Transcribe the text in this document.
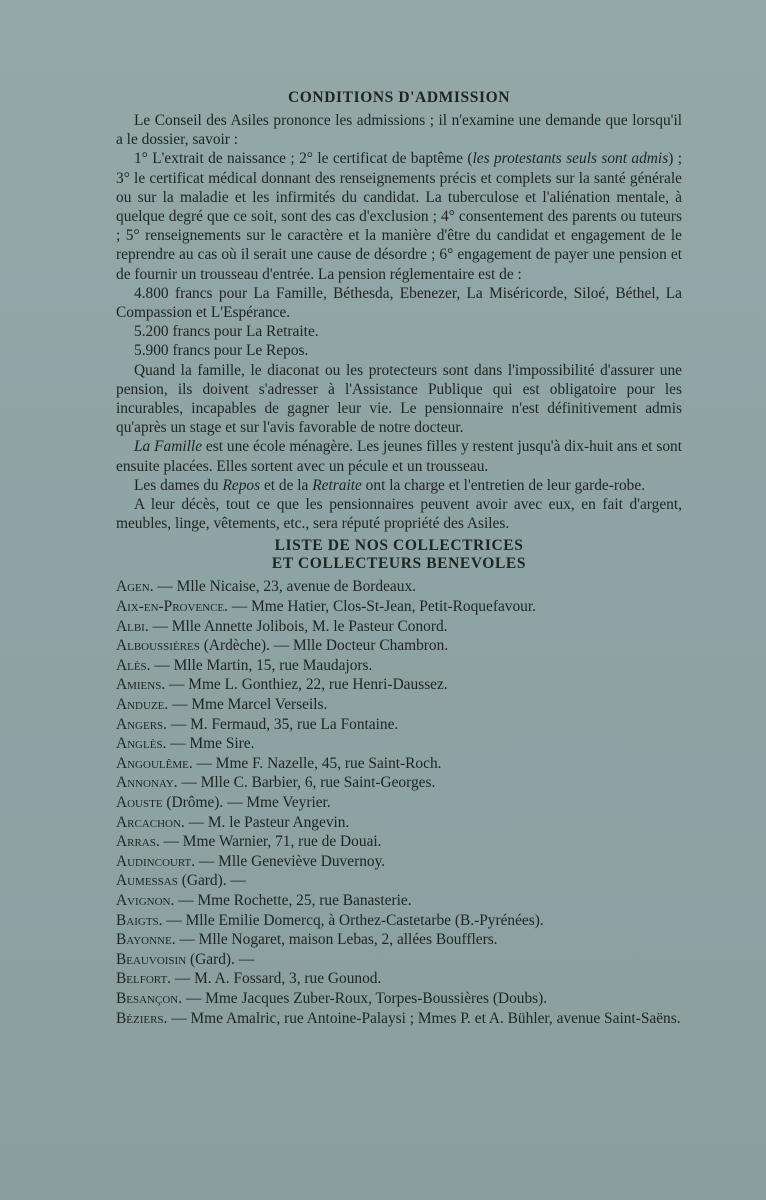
CONDITIONS D'ADMISSION

Le Conseil des Asiles prononce les admissions ; il n'examine une demande que lorsqu'il a le dossier, savoir :

1° L'extrait de naissance ; 2° le certificat de baptême (les protestants seuls sont admis) ; 3° le certificat médical donnant des renseignements précis et complets sur la santé générale ou sur la maladie et les infirmités du candidat. La tuberculose et l'aliénation mentale, à quelque degré que ce soit, sont des cas d'exclusion ; 4° consentement des parents ou tuteurs ; 5° renseignements sur le caractère et la manière d'être du candidat et engagement de le reprendre au cas où il serait une cause de désordre ; 6° engagement de payer une pension et de fournir un trousseau d'entrée. La pension réglementaire est de :

4.800 francs pour La Famille, Béthesda, Ebenezer, La Miséricorde, Siloé, Béthel, La Compassion et L'Espérance.

5.200 francs pour La Retraite.

5.900 francs pour Le Repos.

Quand la famille, le diaconat ou les protecteurs sont dans l'impossibilité d'assurer une pension, ils doivent s'adresser à l'Assistance Publique qui est obligatoire pour les incurables, incapables de gagner leur vie. Le pensionnaire n'est définitivement admis qu'après un stage et sur l'avis favorable de notre docteur.

La Famille est une école ménagère. Les jeunes filles y restent jusqu'à dix-huit ans et sont ensuite placées. Elles sortent avec un pécule et un trousseau.

Les dames du Repos et de la Retraite ont la charge et l'entretien de leur garde-robe.

A leur décès, tout ce que les pensionnaires peuvent avoir avec eux, en fait d'argent, meubles, linge, vêtements, etc., sera réputé propriété des Asiles.

LISTE DE NOS COLLECTRICES
ET COLLECTEURS BENEVOLES

Agen. — Mlle Nicaise, 23, avenue de Bordeaux.

Aix-en-Provence. — Mme Hatier, Clos-St-Jean, Petit-Roquefavour.

Albi. — Mlle Annette Jolibois, M. le Pasteur Conord.

Alboussières (Ardèche). — Mlle Docteur Chambron.

Alès. — Mlle Martin, 15, rue Maudajors.

Amiens. — Mme L. Gonthiez, 22, rue Henri-Daussez.

Anduze. — Mme Marcel Verseils.

Angers. — M. Fermaud, 35, rue La Fontaine.

Anglès. — Mme Sire.

Angoulême. — Mme F. Nazelle, 45, rue Saint-Roch.

Annonay. — Mlle C. Barbier, 6, rue Saint-Georges.

Aouste (Drôme). — Mme Veyrier.

Arcachon. — M. le Pasteur Angevin.

Arras. — Mme Warnier, 71, rue de Douai.

Audincourt. — Mlle Geneviève Duvernoy.

Aumessas (Gard). —

Avignon. — Mme Rochette, 25, rue Banasterie.

Baigts. — Mlle Emilie Domercq, à Orthez-Castetarbe (B.-Pyrénées).

Bayonne. — Mlle Nogaret, maison Lebas, 2, allées Boufflers.

Beauvoisin (Gard). —

Belfort. — M. A. Fossard, 3, rue Gounod.

Besançon. — Mme Jacques Zuber-Roux, Torpes-Boussières (Doubs).

Béziers. — Mme Amalric, rue Antoine-Palaysi ; Mmes P. et A. Bühler, avenue Saint-Saëns.
